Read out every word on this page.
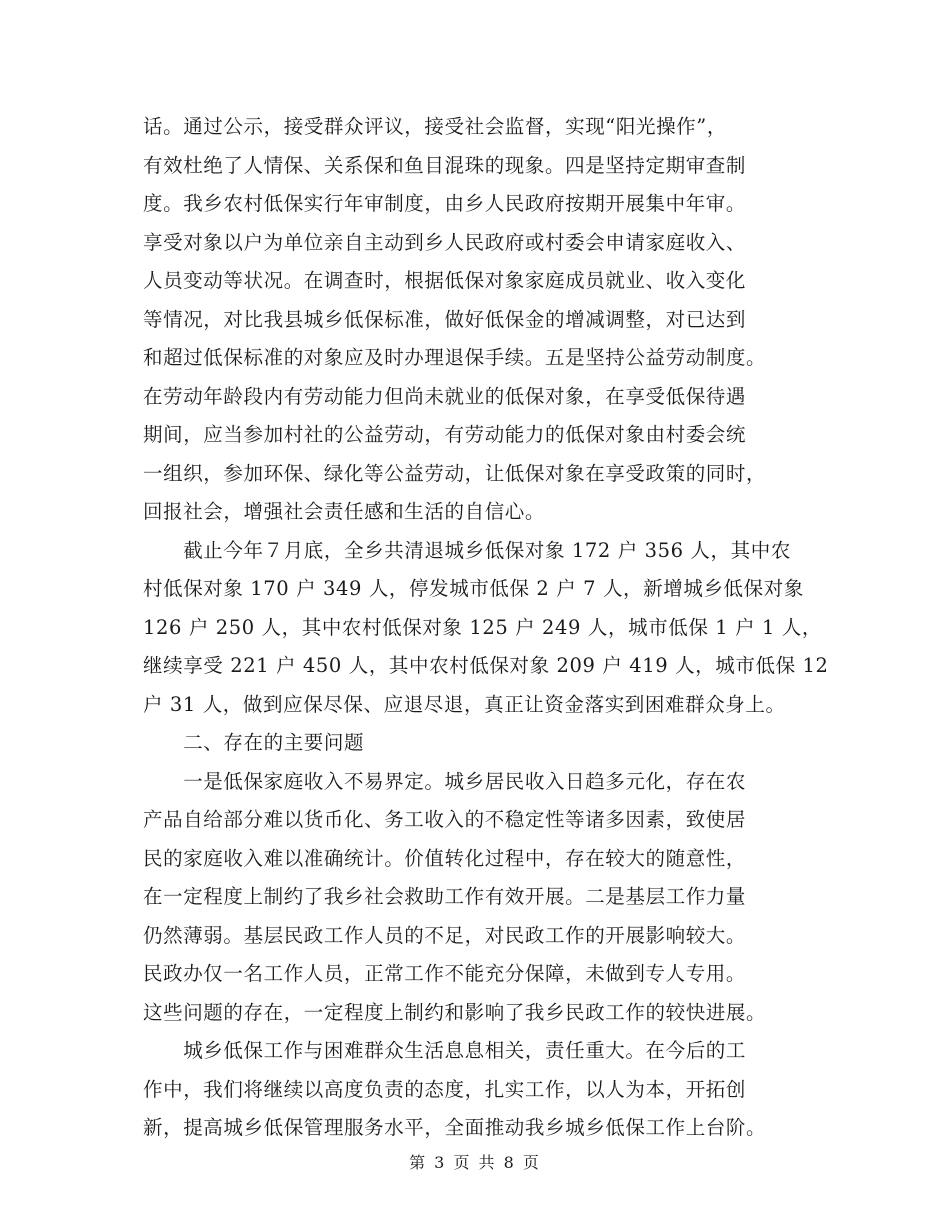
话。通过公示，接受群众评议，接受社会监督，实现“阳光操作”，
有效杜绝了人情保、关系保和鱼目混珠的现象。四是坚持定期审查制
度。我乡农村低保实行年审制度，由乡人民政府按期开展集中年审。
享受对象以户为单位亲自主动到乡人民政府或村委会申请家庭收入、
人员变动等状况。在调查时，根据低保对象家庭成员就业、收入变化
等情况，对比我县城乡低保标准，做好低保金的增减调整，对已达到
和超过低保标准的对象应及时办理退保手续。五是坚持公益劳动制度。
在劳动年龄段内有劳动能力但尚未就业的低保对象，在享受低保待遇
期间，应当参加村社的公益劳动，有劳动能力的低保对象由村委会统
一组织，参加环保、绿化等公益劳动，让低保对象在享受政策的同时，
回报社会，增强社会责任感和生活的自信心。
　　截止今年７月底，全乡共清退城乡低保对象 172 户 356 人，其中农
村低保对象 170 户 349 人，停发城市低保 2 户 7 人，新增城乡低保对象
126 户 250 人，其中农村低保对象 125 户 249 人，城市低保 1 户 1 人，
继续享受 221 户 450 人，其中农村低保对象 209 户 419 人，城市低保 12
户 31 人，做到应保尽保、应退尽退，真正让资金落实到困难群众身上。
　　二、存在的主要问题
　　一是低保家庭收入不易界定。城乡居民收入日趋多元化，存在农
产品自给部分难以货币化、务工收入的不稳定性等诸多因素，致使居
民的家庭收入难以准确统计。价值转化过程中，存在较大的随意性，
在一定程度上制约了我乡社会救助工作有效开展。二是基层工作力量
仍然薄弱。基层民政工作人员的不足，对民政工作的开展影响较大。
民政办仅一名工作人员，正常工作不能充分保障，未做到专人专用。
这些问题的存在，一定程度上制约和影响了我乡民政工作的较快进展。
　　城乡低保工作与困难群众生活息息相关，责任重大。在今后的工
作中，我们将继续以高度负责的态度，扎实工作，以人为本，开拓创
新，提高城乡低保管理服务水平，全面推动我乡城乡低保工作上台阶。
第 3 页 共 8 页
